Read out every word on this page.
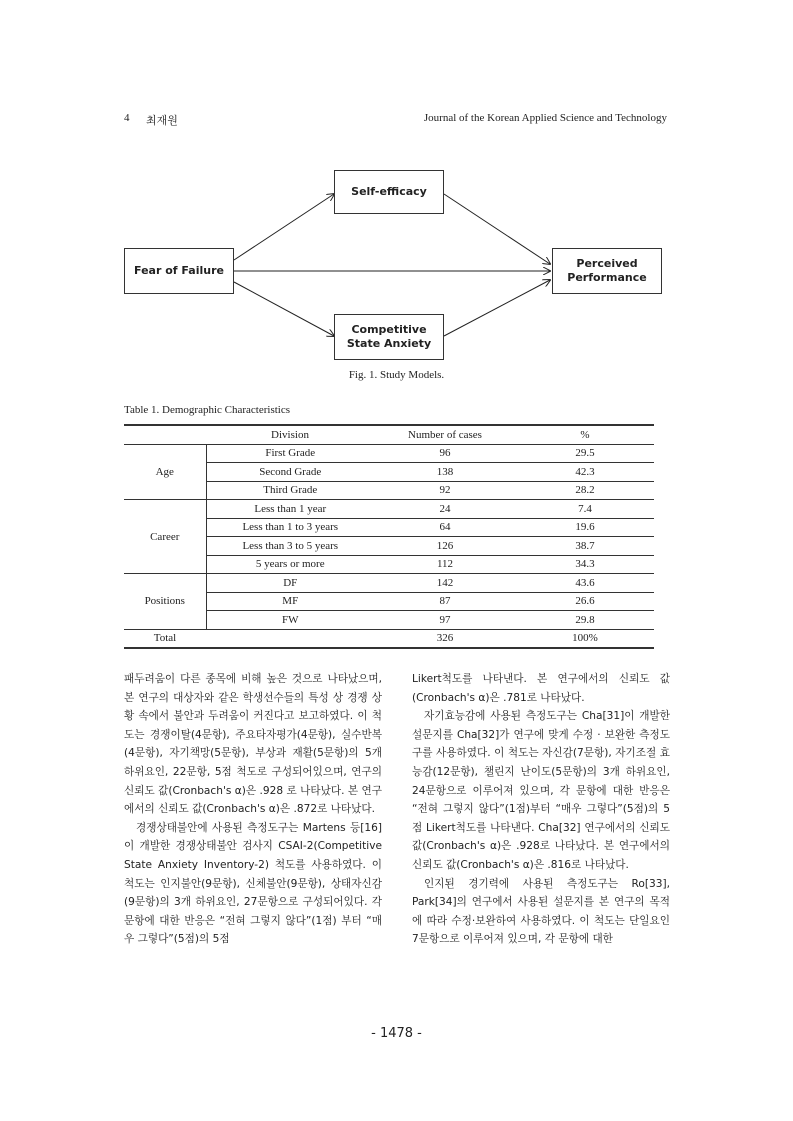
4 최재원	Journal of the Korean Applied Science and Technology
Self-efficacy
Fear of Failure
Perceived
Performance
Competitive
State Anxiety
Fig. 1. Study Models.
Table 1. Demographic Characteristics
	Division	Number of cases	%
Age	First Grade	96	29.5
	Second Grade	138	42.3
	Third Grade	92	28.2
Career	Less than 1 year	24	7.4
	Less than 1 to 3 years	64	19.6
	Less than 3 to 5 years	126	38.7
	5 years or more	112	34.3
Positions	DF	142	43.6
	MF	87	26.6
	FW	97	29.8
Total		326	100%

패두려움이 다른 종목에 비해 높은 것으로 나타났으며, 본 연구의 대상자와 같은 학생선수들의 특성 상 경쟁 상황 속에서 불안과 두려움이 커진다고 보고하였다. 이 척도는 경쟁이탈(4문항), 주요타자평가(4문항), 실수반복(4문항), 자기책망(5문항), 부상과 재활(5문항)의 5개 하위요인, 22문항, 5점 척도로 구성되어있으며, 연구의 신뢰도 값(Cronbach's α)은 .928 로 나타났다. 본 연구에서의 신뢰도 값(Cronbach's α)은 .872로 나타났다.

경쟁상태불안에 사용된 측정도구는 Martens 등[16]이 개발한 경쟁상태불안 검사지 CSAI-2(Competitive State Anxiety Inventory-2) 척도를 사용하였다. 이 척도는 인지불안(9문항), 신체불안(9문항), 상태자신감(9문항)의 3개 하위요인, 27문항으로 구성되어있다. 각 문항에 대한 반응은 “전혀 그렇지 않다”(1점) 부터 “매우 그렇다”(5점)의 5점

Likert척도를 나타낸다. 본 연구에서의 신뢰도 값(Cronbach's α)은 .781로 나타났다.

자기효능감에 사용된 측정도구는 Cha[31]이 개발한 설문지를 Cha[32]가 연구에 맞게 수정 · 보완한 측정도구를 사용하였다. 이 척도는 자신감(7문항), 자기조절 효능감(12문항), 챌린지 난이도(5문항)의 3개 하위요인, 24문항으로 이루어져 있으며, 각 문항에 대한 반응은 “전혀 그렇지 않다”(1점)부터 “매우 그렇다”(5점)의 5점 Likert척도를 나타낸다. Cha[32] 연구에서의 신뢰도 값(Cronbach's α)은 .928로 나타났다. 본 연구에서의 신뢰도 값(Cronbach's α)은 .816로 나타났다.

인지된 경기력에 사용된 측정도구는 Ro[33], Park[34]의 연구에서 사용된 설문지를 본 연구의 목적에 따라 수정·보완하여 사용하였다. 이 척도는 단일요인 7문항으로 이루어져 있으며, 각 문항에 대한

- 1478 -
